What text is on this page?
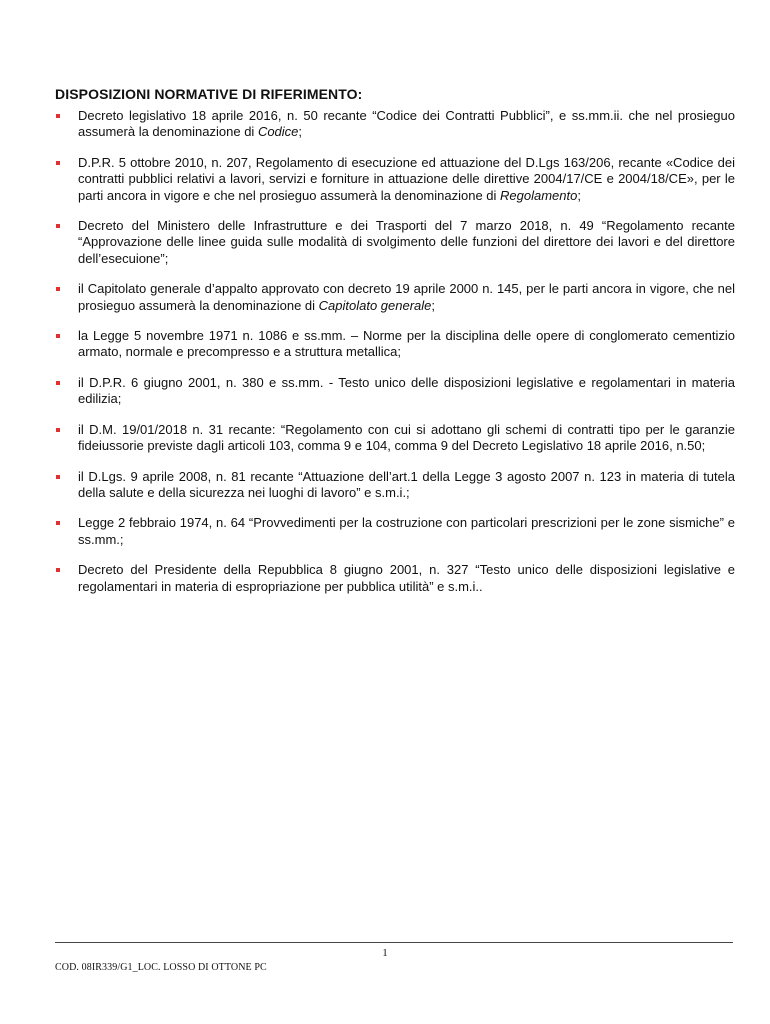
DISPOSIZIONI NORMATIVE DI RIFERIMENTO:
Decreto legislativo 18 aprile 2016, n. 50 recante “Codice dei Contratti Pubblici”, e ss.mm.ii. che nel prosieguo assumerà la denominazione di Codice;
D.P.R. 5 ottobre 2010, n. 207, Regolamento di esecuzione ed attuazione del D.Lgs 163/206, recante «Codice dei contratti pubblici relativi a lavori, servizi e forniture in attuazione delle direttive 2004/17/CE e 2004/18/CE», per le parti ancora in vigore e che nel prosieguo assumerà la denominazione di Regolamento;
Decreto del Ministero delle Infrastrutture e dei Trasporti del 7 marzo 2018, n. 49 “Regolamento recante “Approvazione delle linee guida sulle modalità di svolgimento delle funzioni del direttore dei lavori e del direttore dell’esecuione”;
il Capitolato generale d’appalto approvato con decreto 19 aprile 2000 n. 145, per le parti ancora in vigore, che nel prosieguo assumerà la denominazione di Capitolato generale;
la Legge 5 novembre 1971 n. 1086 e ss.mm. – Norme per la disciplina delle opere di conglomerato cementizio armato, normale e precompresso e a struttura metallica;
il D.P.R. 6 giugno 2001, n. 380 e ss.mm. - Testo unico delle disposizioni legislative e regolamentari in materia edilizia;
il D.M. 19/01/2018 n. 31 recante: “Regolamento con cui si adottano gli schemi di contratti tipo per le garanzie fideiussorie previste dagli articoli 103, comma 9 e 104, comma 9 del Decreto Legislativo 18 aprile 2016, n.50;
il D.Lgs. 9 aprile 2008, n. 81 recante “Attuazione dell’art.1 della Legge 3 agosto 2007 n. 123 in materia di tutela della salute e della sicurezza nei luoghi di lavoro” e s.m.i.;
Legge 2 febbraio 1974, n. 64 “Provvedimenti per la costruzione con particolari prescrizioni per le zone sismiche” e ss.mm.;
Decreto del Presidente della Repubblica 8 giugno 2001, n. 327 “Testo unico delle disposizioni legislative e regolamentari in materia di espropriazione per pubblica utilità” e s.m.i..
1
COD. 08IR339/G1_LOC. LOSSO DI OTTONE PC
